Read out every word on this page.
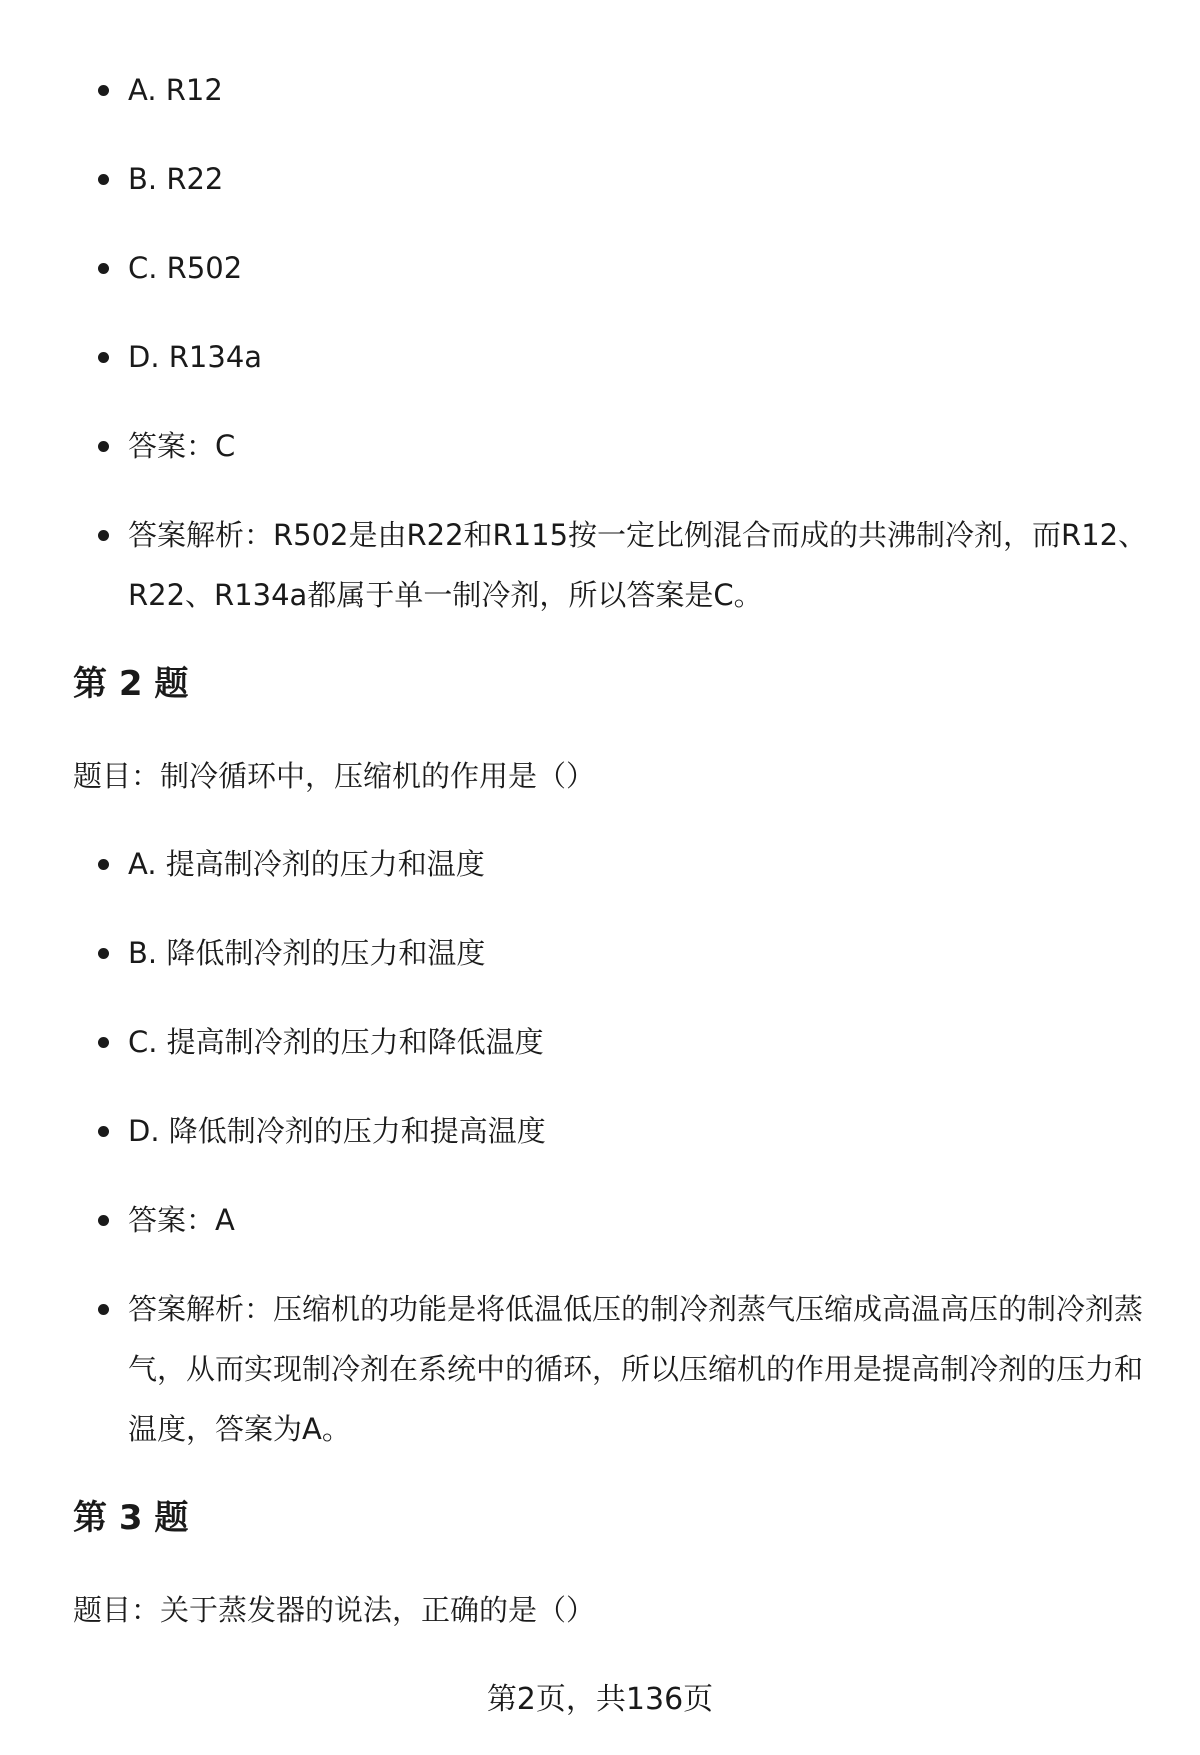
A. R12
B. R22
C. R502
D. R134a
答案：C
答案解析：R502是由R22和R115按一定比例混合而成的共沸制冷剂，而R12、R22、R134a都属于单一制冷剂，所以答案是C。
第 2 题

题目：制冷循环中，压缩机的作用是（）

A. 提高制冷剂的压力和温度
B. 降低制冷剂的压力和温度
C. 提高制冷剂的压力和降低温度
D. 降低制冷剂的压力和提高温度
答案：A
答案解析：压缩机的功能是将低温低压的制冷剂蒸气压缩成高温高压的制冷剂蒸气，从而实现制冷剂在系统中的循环，所以压缩机的作用是提高制冷剂的压力和温度，答案为A。
第 3 题

题目：关于蒸发器的说法，正确的是（）

第2页，共136页
